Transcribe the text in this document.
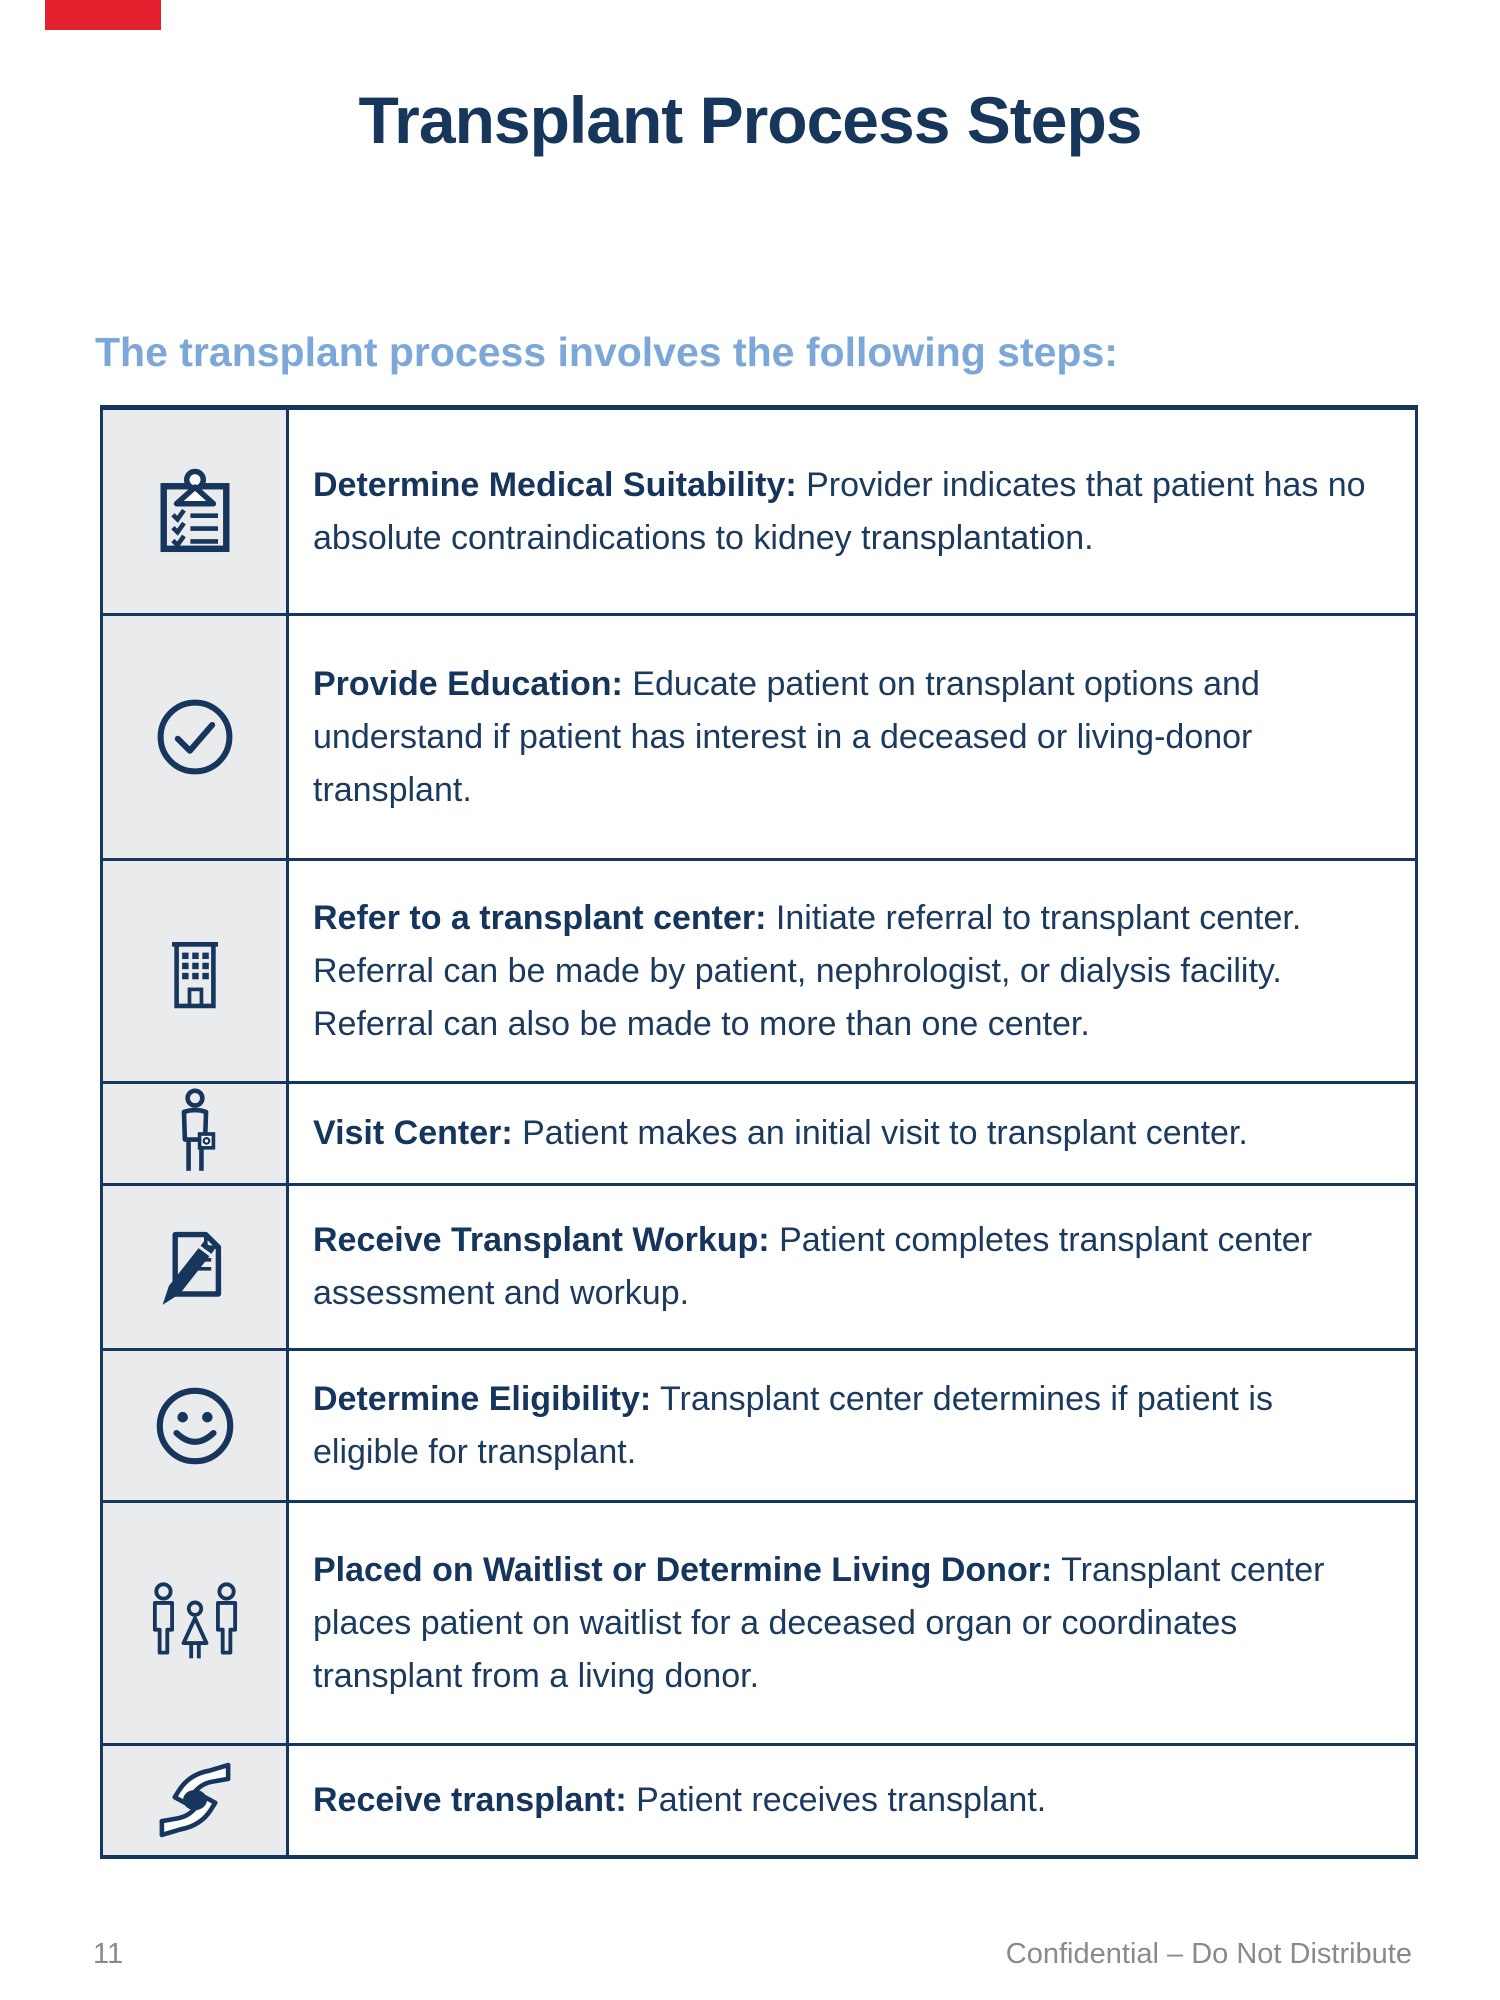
Transplant Process Steps
The transplant process involves the following steps:
	Determine Medical Suitability: Provider indicates that patient has no absolute contraindications to kidney transplantation.

	Provide Education: Educate patient on transplant options and understand if patient has interest in a deceased or living-donor transplant.

	Refer to a transplant center: Initiate referral to transplant center. Referral can be made by patient, nephrologist, or dialysis facility. Referral can also be made to more than one center.

	Visit Center: Patient makes an initial visit to transplant center.

	Receive Transplant Workup: Patient completes transplant center assessment and workup.

	Determine Eligibility: Transplant center determines if patient is eligible for transplant.

	Placed on Waitlist or Determine Living Donor: Transplant center places patient on waitlist for a deceased organ or coordinates transplant from a living donor.

	Receive transplant: Patient receives transplant.
11	Confidential – Do Not Distribute
